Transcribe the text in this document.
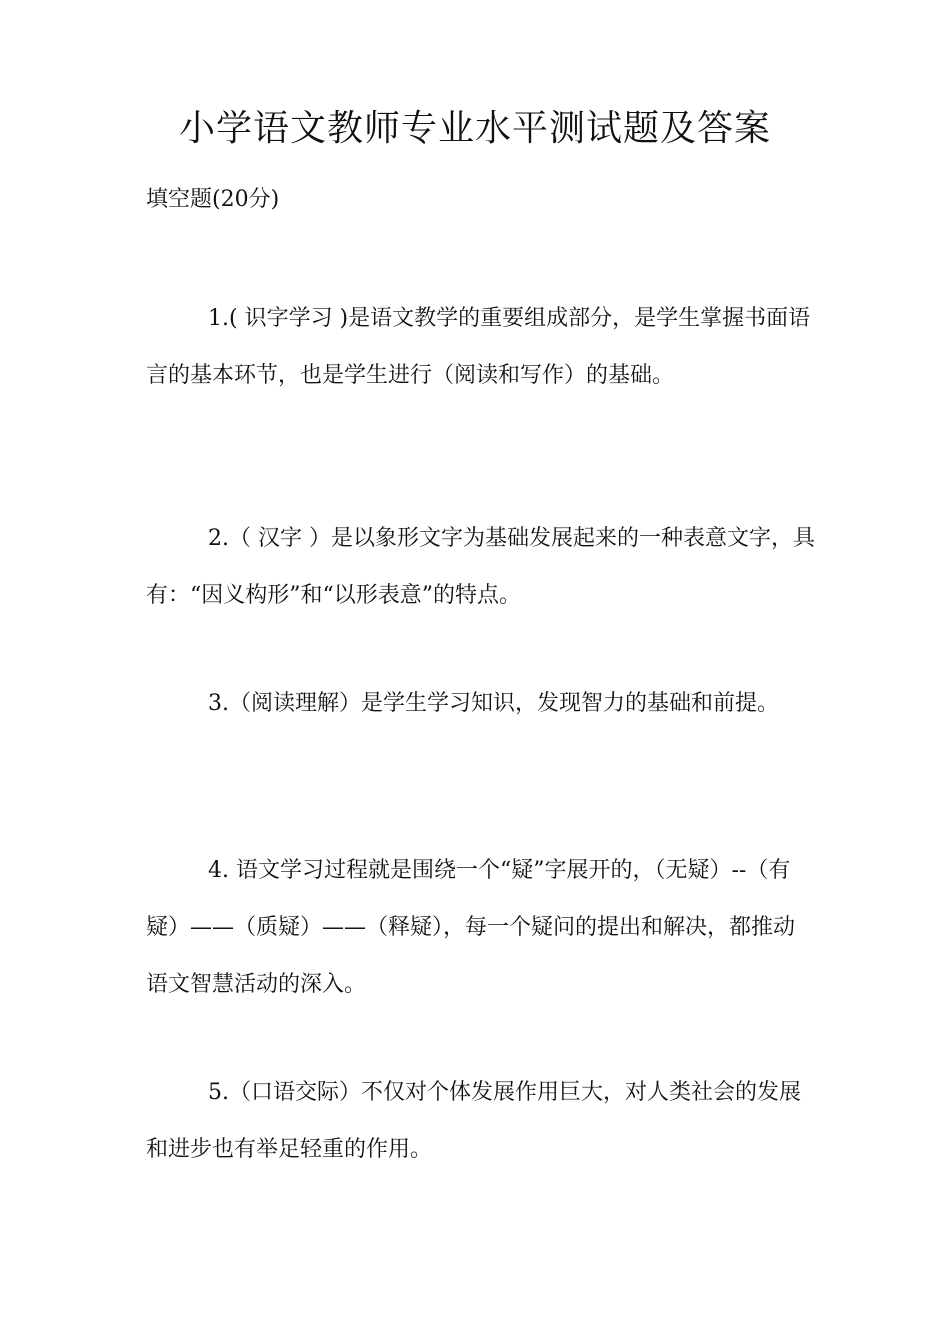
小学语文教师专业水平测试题及答案
填空题(20分)

1.( 识字学习 )是语文教学的重要组成部分，是学生掌握书面语言的基本环节，也是学生进行（阅读和写作）的基础。

2.（ 汉字 ）是以象形文字为基础发展起来的一种表意文字，具有：“因义构形”和“以形表意”的特点。

3.（阅读理解）是学生学习知识，发现智力的基础和前提。

4. 语文学习过程就是围绕一个“疑”字展开的，（无疑）--（有疑）——（质疑）——（释疑），每一个疑问的提出和解决，都推动语文智慧活动的深入。

5.（口语交际）不仅对个体发展作用巨大，对人类社会的发展和进步也有举足轻重的作用。
